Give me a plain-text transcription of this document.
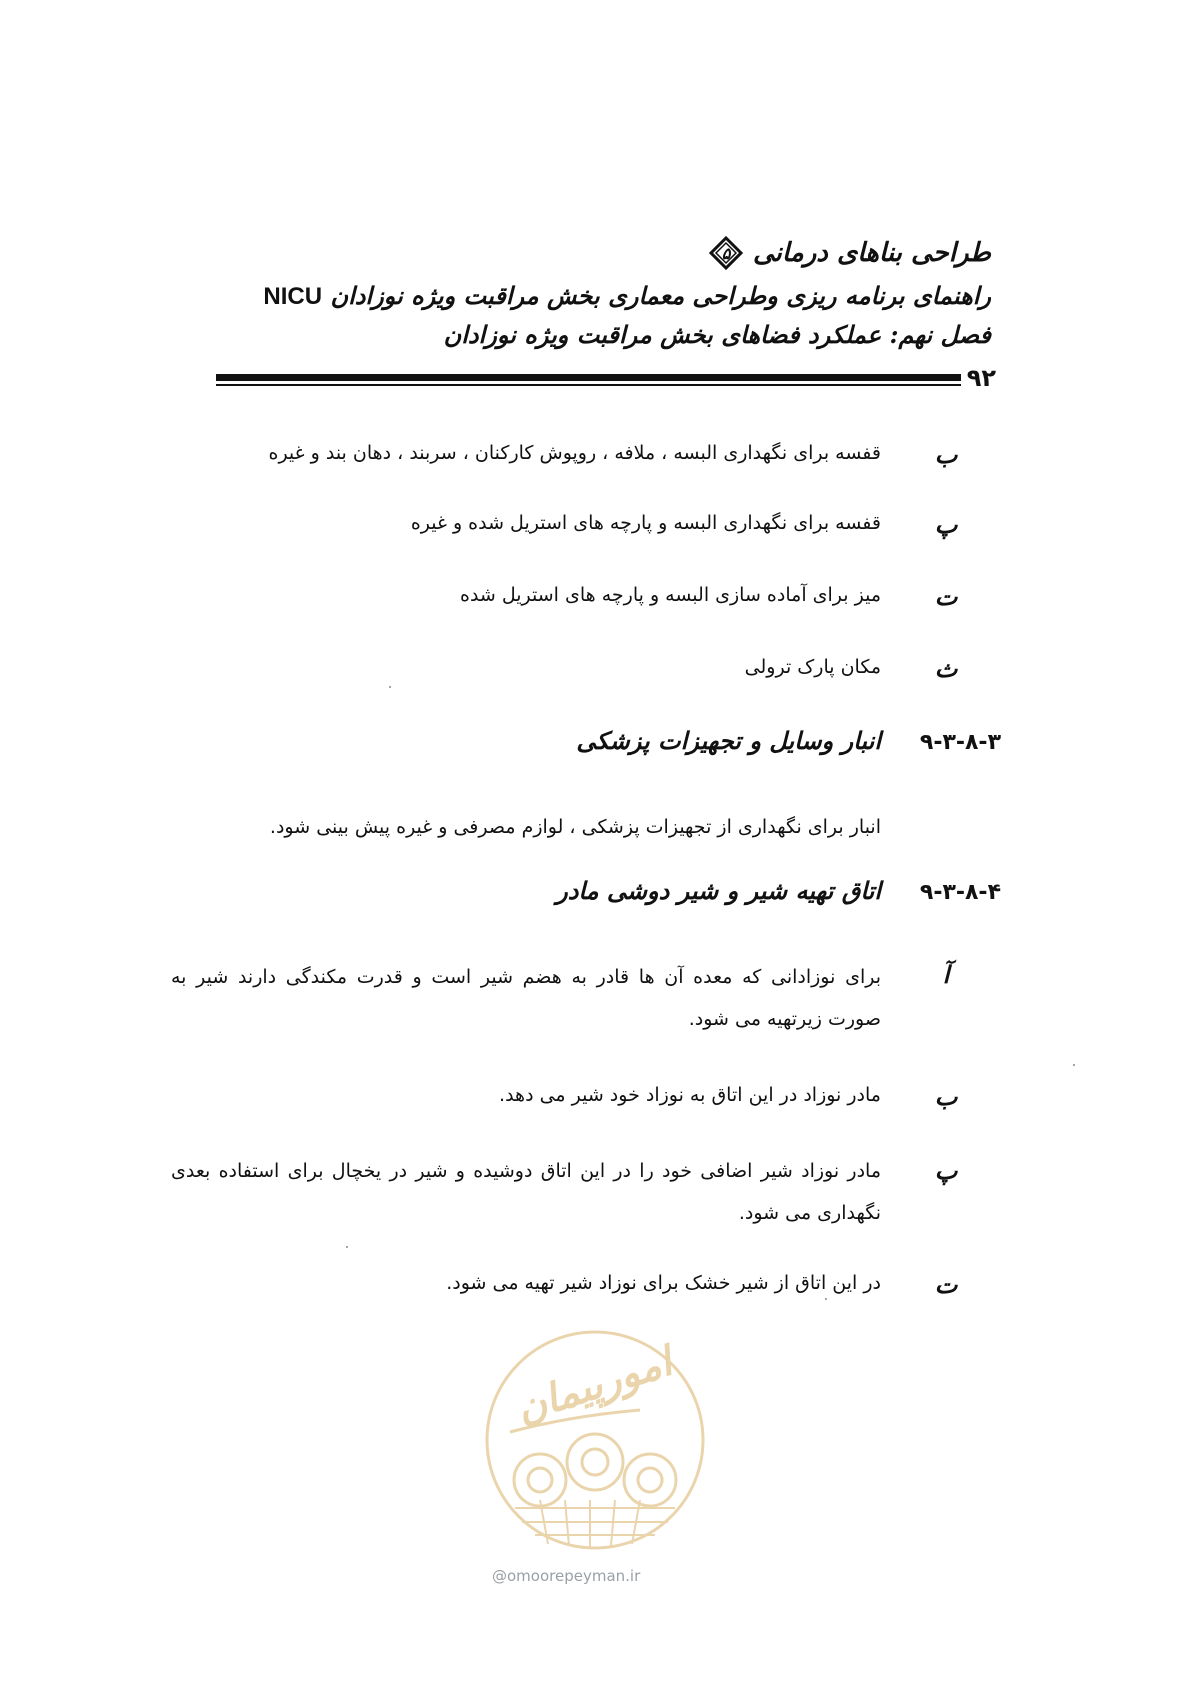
طراحی بناهای درمانی
۵
راهنمای برنامه ریزی وطراحی معماری بخش مراقبت ویژه نوزادان NICU
فصل نهم: عملکرد فضاهای بخش مراقبت ویژه نوزادان
۹۲
ب
قفسه برای نگهداری البسه ، ملافه ، روپوش کارکنان ، سربند ، دهان بند و غیره
پ
قفسه برای نگهداری البسه و پارچه های استریل شده و غیره
ت
میز برای آماده سازی البسه و پارچه های استریل شده
ث
مکان پارک ترولی
۹-۳-۸-۳
انبار وسایل و تجهیزات پزشکی
انبار برای نگهداری از تجهیزات پزشکی ، لوازم مصرفی و غیره پیش بینی شود.
۹-۳-۸-۴
اتاق تهیه شیر و شیر دوشی مادر
آ
برای نوزادانی که معده آن ها قادر به هضم شیر است و قدرت مکندگی دارند شیر به صورت زیرتهیه می شود.
ب
مادر نوزاد در این اتاق به نوزاد خود شیر می دهد.
پ
مادر نوزاد شیر اضافی خود را در این اتاق دوشیده و شیر در یخچال برای استفاده بعدی نگهداری می شود.
ت
در این اتاق از شیر خشک برای نوزاد شیر تهیه می شود.
امورپیمان
@omoorepeyman.ir
